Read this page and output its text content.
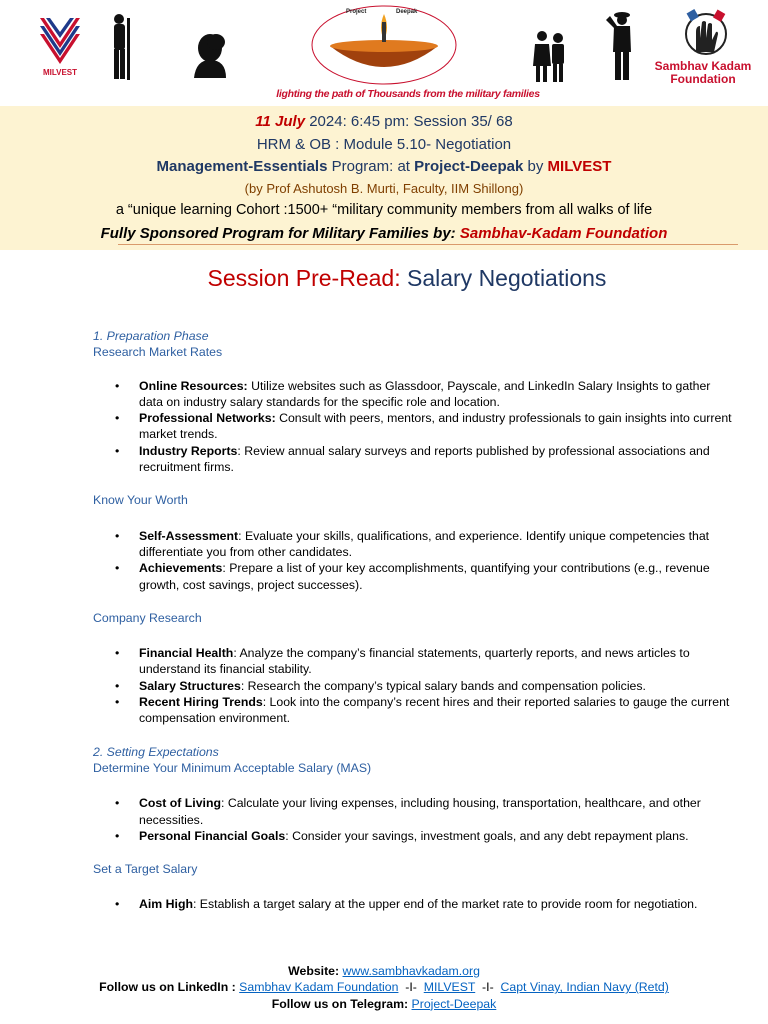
MILVEST
Project	Deepak
Sambhav Kadam
Foundation
lighting the path of Thousands from the military families
11 July 2024: 6:45 pm: Session 35/ 68
HRM & OB : Module 5.10- Negotiation
Management-Essentials Program: at Project-Deepak by MILVEST
(by Prof Ashutosh B. Murti, Faculty, IIM Shillong)
a “unique learning Cohort :1500+ “military community members from all walks of life
Fully Sponsored Program for Military Families by: Sambhav-Kadam Foundation
Session Pre-Read: Salary Negotiations

1. Preparation Phase

Research Market Rates

• Online Resources: Utilize websites such as Glassdoor, Payscale, and LinkedIn Salary Insights to gather data on industry salary standards for the specific role and location.
• Professional Networks: Consult with peers, mentors, and industry professionals to gain insights into current market trends.
• Industry Reports: Review annual salary surveys and reports published by professional associations and recruitment firms.

Know Your Worth

• Self-Assessment: Evaluate your skills, qualifications, and experience. Identify unique competencies that differentiate you from other candidates.
• Achievements: Prepare a list of your key accomplishments, quantifying your contributions (e.g., revenue growth, cost savings, project successes).

Company Research

• Financial Health: Analyze the company’s financial statements, quarterly reports, and news articles to understand its financial stability.
• Salary Structures: Research the company’s typical salary bands and compensation policies.
• Recent Hiring Trends: Look into the company’s recent hires and their reported salaries to gauge the current compensation environment.

2. Setting Expectations

Determine Your Minimum Acceptable Salary (MAS)

• Cost of Living: Calculate your living expenses, including housing, transportation, healthcare, and other necessities.
• Personal Financial Goals: Consider your savings, investment goals, and any debt repayment plans.

Set a Target Salary

• Aim High: Establish a target salary at the upper end of the market rate to provide room for negotiation.
Website: www.sambhavkadam.org
Follow us on LinkedIn : Sambhav Kadam Foundation  -I-  MILVEST  -I-  Capt Vinay, Indian Navy (Retd)
Follow us on Telegram: Project-Deepak
